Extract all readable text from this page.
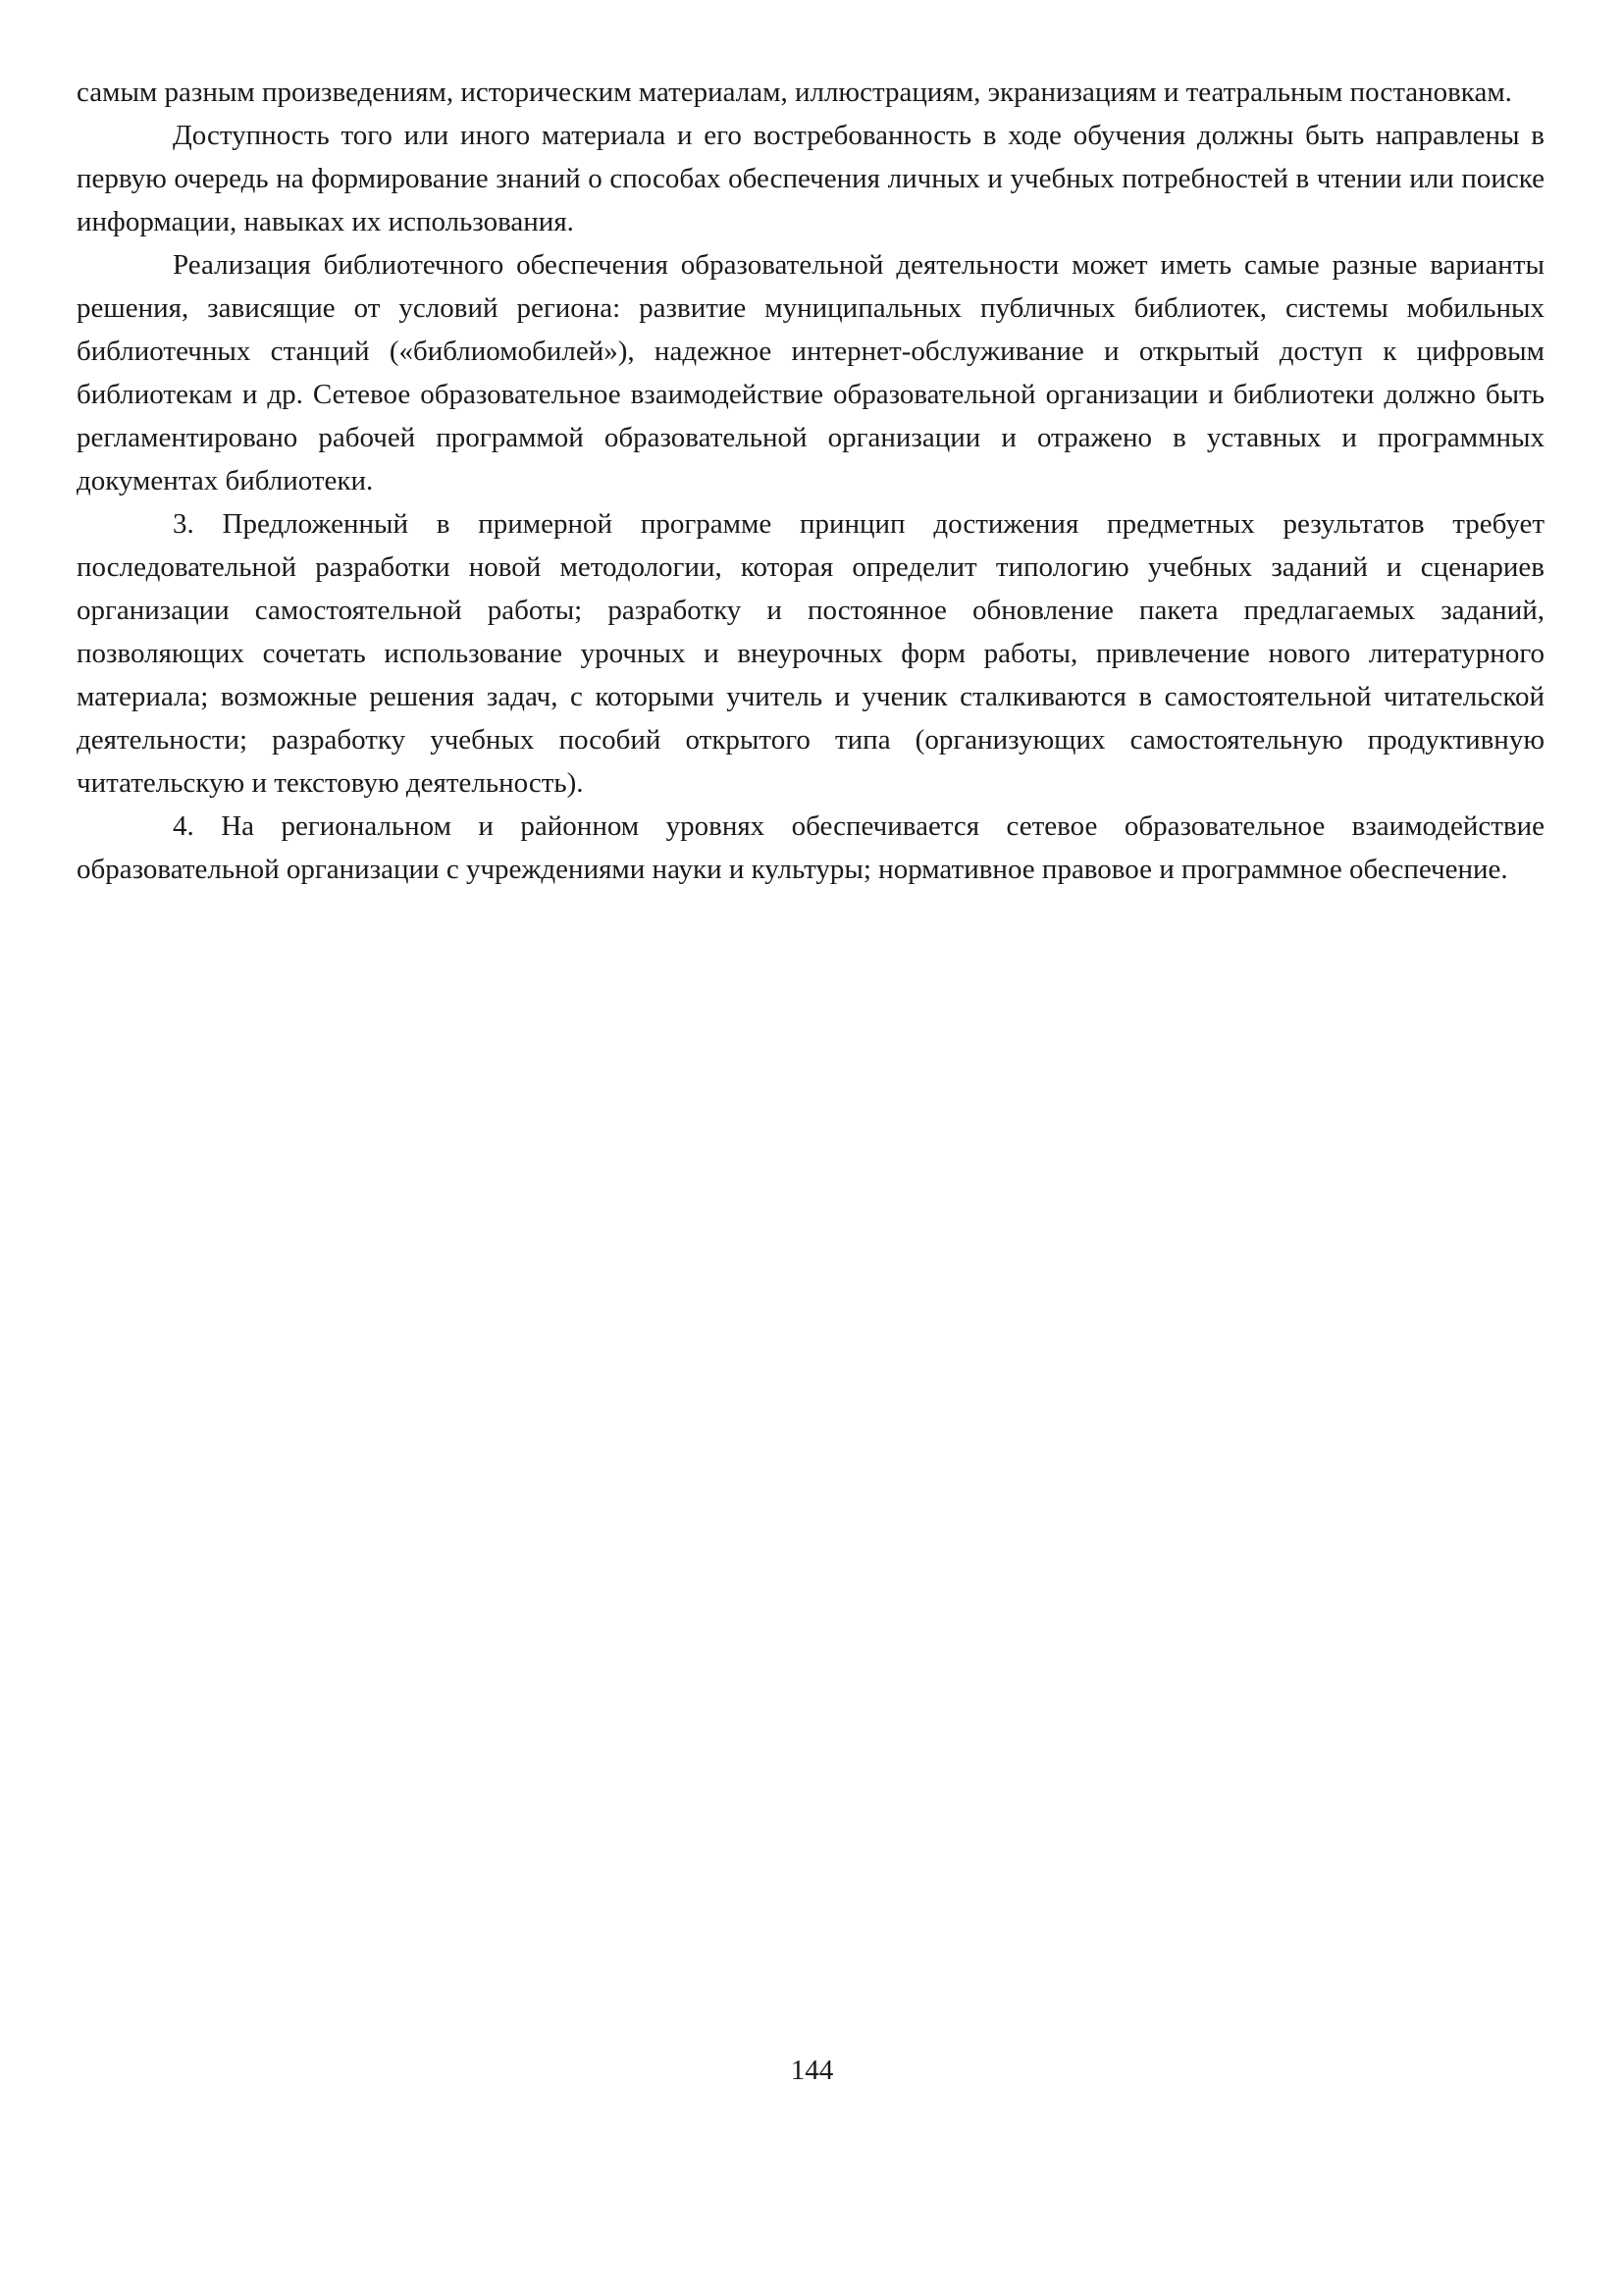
самым разным произведениям, историческим материалам, иллюстрациям, экранизациям и театральным постановкам.

Доступность того или иного материала и его востребованность в ходе обучения должны быть направлены в первую очередь на формирование знаний о способах обеспечения личных и учебных потребностей в чтении или поиске информации, навыках их использования.

Реализация библиотечного обеспечения образовательной деятельности может иметь самые разные варианты решения, зависящие от условий региона: развитие муниципальных публичных библиотек, системы мобильных библиотечных станций («библиомобилей»), надежное интернет-обслуживание и открытый доступ к цифровым библиотекам и др. Сетевое образовательное взаимодействие образовательной организации и библиотеки должно быть регламентировано рабочей программой образовательной организации и отражено в уставных и программных документах библиотеки.

3. Предложенный в примерной программе принцип достижения предметных результатов требует последовательной разработки новой методологии, которая определит типологию учебных заданий и сценариев организации самостоятельной работы; разработку и постоянное обновление пакета предлагаемых заданий, позволяющих сочетать использование урочных и внеурочных форм работы, привлечение нового литературного материала; возможные решения задач, с которыми учитель и ученик сталкиваются в самостоятельной читательской деятельности; разработку учебных пособий открытого типа (организующих самостоятельную продуктивную читательскую и текстовую деятельность).

4. На региональном и районном уровнях обеспечивается сетевое образовательное взаимодействие образовательной организации с учреждениями науки и культуры; нормативное правовое и программное обеспечение.

144
